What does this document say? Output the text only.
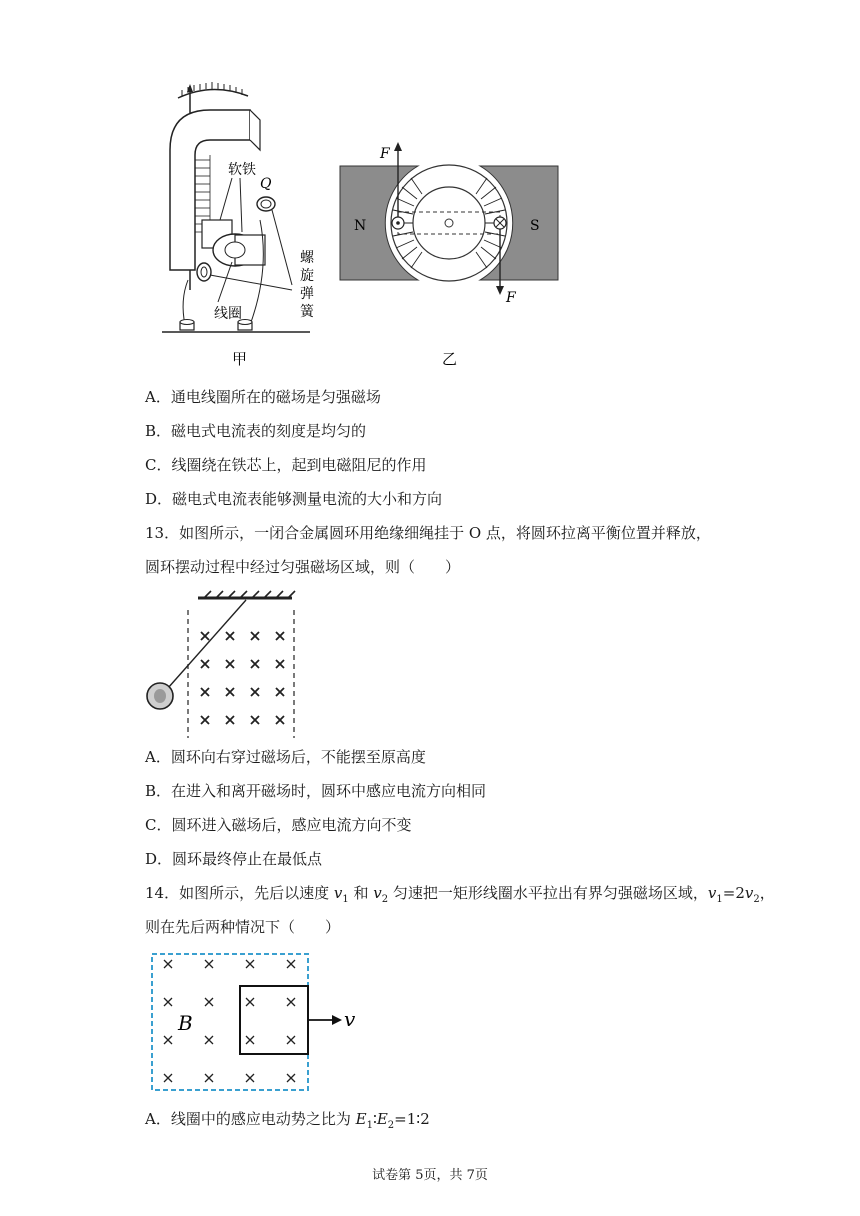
软铁
Q
线圈
螺
旋
弹
簧
甲
F
F
N	S
乙
A．通电线圈所在的磁场是匀强磁场
B．磁电式电流表的刻度是均匀的
C．线圈绕在铁芯上，起到电磁阻尼的作用
D．磁电式电流表能够测量电流的大小和方向
13．如图所示，一闭合金属圆环用绝缘细绳挂于 O 点，将圆环拉离平衡位置并释放，
圆环摆动过程中经过匀强磁场区域，则（　　）
A．圆环向右穿过磁场后，不能摆至原高度
B．在进入和离开磁场时，圆环中感应电流方向相同
C．圆环进入磁场后，感应电流方向不变
D．圆环最终停止在最低点
14．如图所示，先后以速度 $v_1$ 和 $v_2$ 匀速把一矩形线圈水平拉出有界匀强磁场区域，$v_1=2v_2$，
则在先后两种情况下（　　）
B	v
A．线圈中的感应电动势之比为 $E_1∶E_2=1∶2$
试卷第 5页，共 7页
